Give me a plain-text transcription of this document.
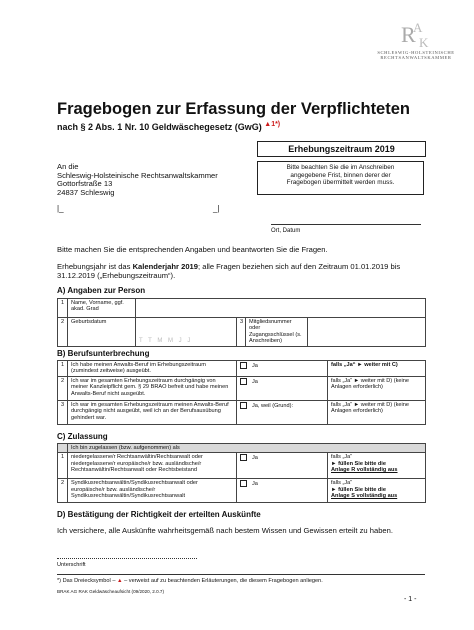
R
A
K
SCHLESWIG-HOLSTEINISCHE
RECHTSANWALTSKAMMER
Fragebogen zur Erfassung der Verpflichteten
nach § 2 Abs. 1 Nr. 10 Geldwäschegesetz (GwG) $^{▲1*)}$
An die
Schleswig-Holsteinische Rechtsanwaltskammer
Gottorfstraße 13
24837 Schleswig
|_	_|
Erhebungszeitraum 2019
Bitte beachten Sie die im Anschreiben
angegebene Frist, binnen derer der
Fragebogen übermittelt werden muss.
Ort, Datum
Bitte machen Sie die entsprechenden Angaben und beantworten Sie die Fragen.
Erhebungsjahr ist das Kalenderjahr 2019; alle Fragen beziehen sich auf den Zeitraum 01.01.2019 bis 31.12.2019 („Erhebungszeitraum“).
A) Angaben zur Person
1	Name, Vorname, ggf. akad. Grad				
2	Geburtsdatum	T T M M J J	3	Mitgliedsnummer oder Zugangsschlüssel (s. Anschreiben)	
B) Berufsunterbrechung
1	Ich habe meinen Anwalts-Beruf im Erhebungszeitraum (zumindest zeitweise) ausgeübt.	Ja	falls „Ja“ ► weiter mit C)
2	Ich war im gesamten Erhebungszeitraum durchgängig von meiner Kanzleipflicht gem. § 29 BRAO befreit und habe meinen Anwalts-Beruf nicht ausgeübt.	Ja	falls „Ja“ ► weiter mit D) (keine Anlagen erforderlich)
3	Ich war im gesamten Erhebungszeitraum meinen Anwalts-Beruf durchgängig nicht ausgeübt, weil ich an der Berufsausübung gehindert war.	Ja, weil (Grund):	falls „Ja“ ► weiter mit D) (keine Anlagen erforderlich)
C) Zulassung
	Ich bin zugelassen (bzw. aufgenommen) als		
1	niedergelassene/r Rechtsanwältin/Rechtsanwalt oder niedergelassene/r europäische/r bzw. ausländische/r Rechtsanwältin/Rechtsanwalt oder Rechtsbeistand	Ja	falls „Ja“
► füllen Sie bitte die
Anlage R vollständig aus

2	Syndikusrechtsanwältin/Syndikusrechtsanwalt oder europäische/r bzw. ausländische/r Syndikusrechtsanwältin/Syndikusrechtsanwalt	Ja	falls „Ja“
► füllen Sie bitte die
Anlage S vollständig aus
D) Bestätigung der Richtigkeit der erteilten Auskünfte
Ich versichere, alle Auskünfte wahrheitsgemäß nach bestem Wissen und Gewissen erteilt zu haben.
Unterschrift
*) Das Dreiecksymbol – ▲ – verweist auf zu beachtenden Erläuterungen, die diesem Fragebogen anliegen.
BRAK AG RAK Geldwäscheaufsicht (09/2020, 2.0.7)
- 1 -
